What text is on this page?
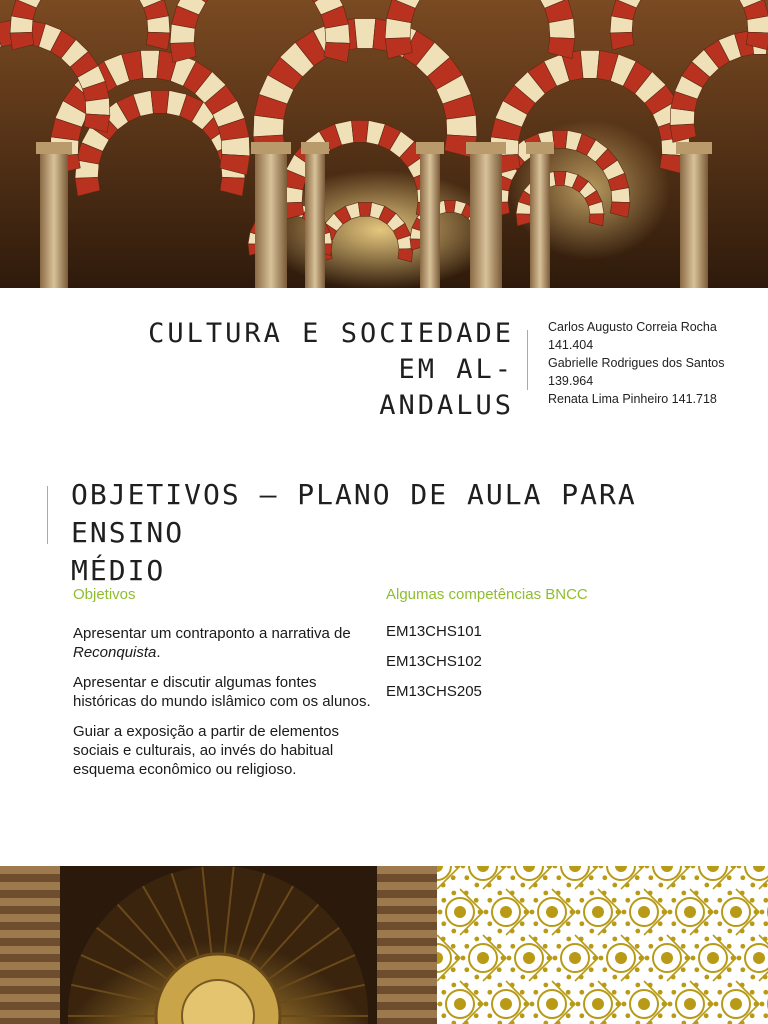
CULTURA E SOCIEDADE EM AL-
ANDALUS
Carlos Augusto Correia Rocha
141.404
Gabrielle Rodrigues dos Santos
139.964
Renata Lima Pinheiro 141.718
OBJETIVOS – PLANO DE AULA PARA ENSINO
MÉDIO
Objetivos	Algumas competências BNCC

Apresentar um contraponto a narrativa de Reconquista.

Apresentar e discutir algumas fontes históricas do mundo islâmico com os alunos.

Guiar a exposição a partir de elementos sociais e culturais, ao invés do habitual esquema econômico ou religioso.

EM13CHS101
EM13CHS102
EM13CHS205
